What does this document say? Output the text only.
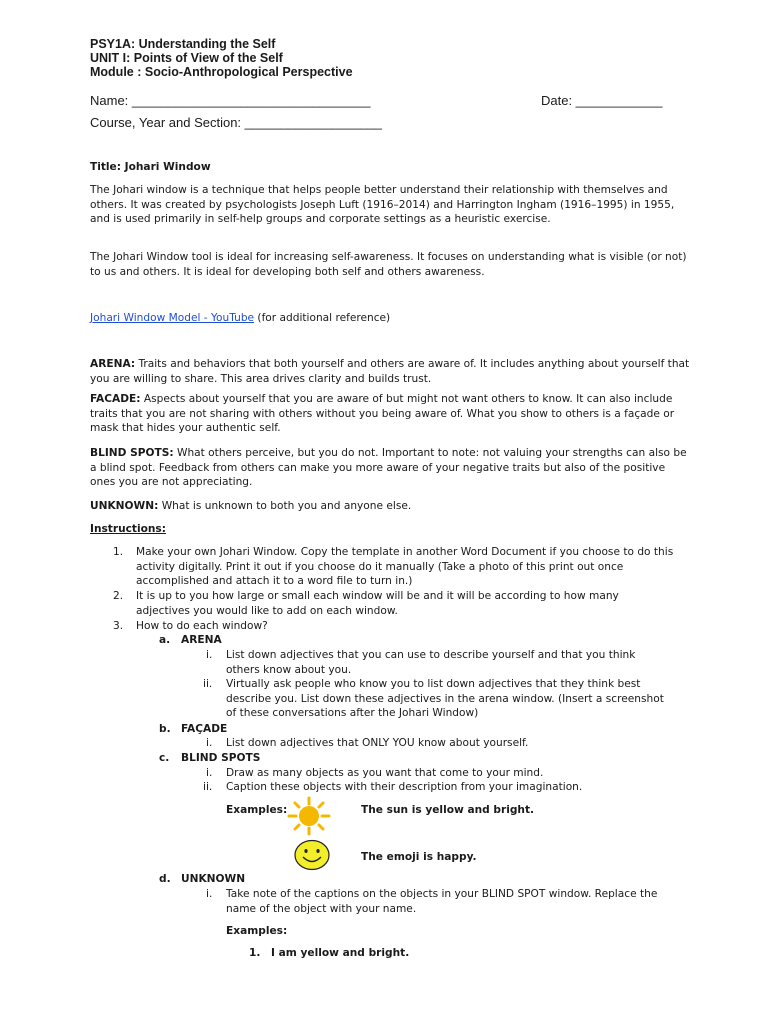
PSY1A: Understanding the Self
UNIT I: Points of View of the Self
Module : Socio-Anthropological Perspective
Name: _________________________________	Date: ____________
Course, Year and Section: ___________________
Title: Johari Window
The Johari window is a technique that helps people better understand their relationship with themselves and others. It was created by psychologists Joseph Luft (1916–2014) and Harrington Ingham (1916–1995) in 1955, and is used primarily in self-help groups and corporate settings as a heuristic exercise.
The Johari Window tool is ideal for increasing self-awareness. It focuses on understanding what is visible (or not) to us and others. It is ideal for developing both self and others awareness.
Johari Window Model - YouTube (for additional reference)
ARENA: Traits and behaviors that both yourself and others are aware of. It includes anything about yourself that you are willing to share. This area drives clarity and builds trust.
FACADE: Aspects about yourself that you are aware of but might not want others to know. It can also include traits that you are not sharing with others without you being aware of. What you show to others is a façade or mask that hides your authentic self.
BLIND SPOTS: What others perceive, but you do not. Important to note: not valuing your strengths can also be a blind spot. Feedback from others can make you more aware of your negative traits but also of the positive ones you are not appreciating.
UNKNOWN: What is unknown to both you and anyone else.
Instructions:
1. Make your own Johari Window. Copy the template in another Word Document if you choose to do this activity digitally. Print it out if you choose do it manually (Take a photo of this print out once accomplished and attach it to a word file to turn in.)
2. It is up to you how large or small each window will be and it will be according to how many adjectives you would like to add on each window.
3. How to do each window?
a. ARENA
i. List down adjectives that you can use to describe yourself and that you think others know about you.
ii. Virtually ask people who know you to list down adjectives that they think best describe you. List down these adjectives in the arena window. (Insert a screenshot of these conversations after the Johari Window)
b. FAÇADE
i. List down adjectives that ONLY YOU know about yourself.
c. BLIND SPOTS
i. Draw as many objects as you want that come to your mind.
ii. Caption these objects with their description from your imagination.
Examples:	The sun is yellow and bright.
The emoji is happy.
d. UNKNOWN
i. Take note of the captions on the objects in your BLIND SPOT window. Replace the name of the object with your name.
Examples:
1. I am yellow and bright.
